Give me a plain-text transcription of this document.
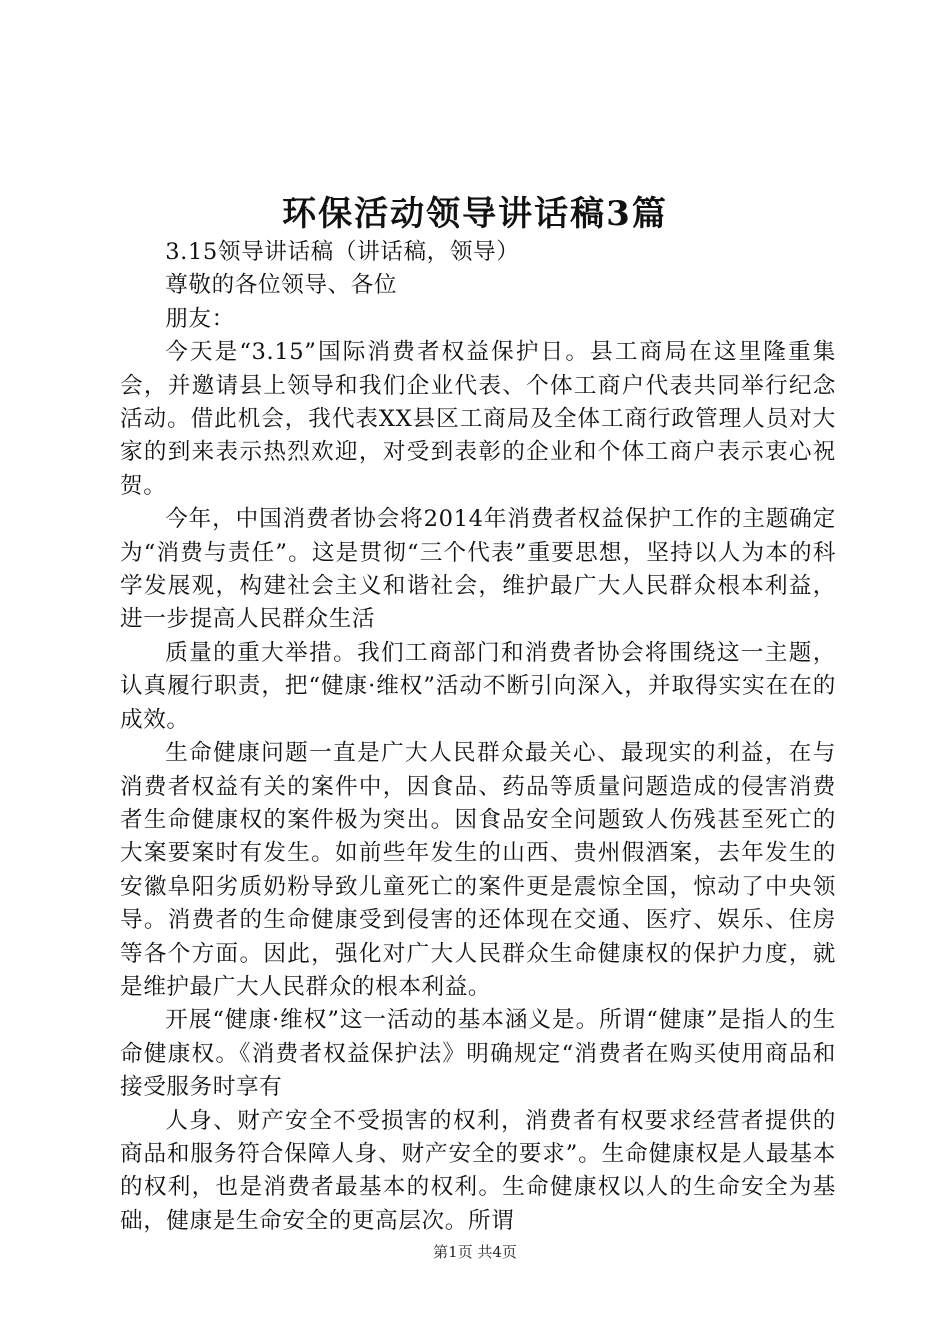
环保活动领导讲话稿3篇

3.15领导讲话稿（讲话稿，领导）

尊敬的各位领导、各位

朋友：

今天是“3.15”国际消费者权益保护日。县工商局在这里隆重集会，并邀请县上领导和我们企业代表、个体工商户代表共同举行纪念活动。借此机会，我代表XX县区工商局及全体工商行政管理人员对大家的到来表示热烈欢迎，对受到表彰的企业和个体工商户表示衷心祝贺。

今年，中国消费者协会将2014年消费者权益保护工作的主题确定为“消费与责任”。这是贯彻“三个代表”重要思想，坚持以人为本的科学发展观，构建社会主义和谐社会，维护最广大人民群众根本利益，进一步提高人民群众生活

质量的重大举措。我们工商部门和消费者协会将围绕这一主题，认真履行职责，把“健康·维权”活动不断引向深入，并取得实实在在的成效。

生命健康问题一直是广大人民群众最关心、最现实的利益，在与消费者权益有关的案件中，因食品、药品等质量问题造成的侵害消费者生命健康权的案件极为突出。因食品安全问题致人伤残甚至死亡的大案要案时有发生。如前些年发生的山西、贵州假酒案，去年发生的安徽阜阳劣质奶粉导致儿童死亡的案件更是震惊全国，惊动了中央领导。消费者的生命健康受到侵害的还体现在交通、医疗、娱乐、住房等各个方面。因此，强化对广大人民群众生命健康权的保护力度，就是维护最广大人民群众的根本利益。

开展“健康·维权”这一活动的基本涵义是。所谓“健康”是指人的生命健康权。《消费者权益保护法》明确规定“消费者在购买使用商品和接受服务时享有

人身、财产安全不受损害的权利，消费者有权要求经营者提供的商品和服务符合保障人身、财产安全的要求”。生命健康权是人最基本的权利，也是消费者最基本的权利。生命健康权以人的生命安全为基础，健康是生命安全的更高层次。所谓

第1页 共4页
